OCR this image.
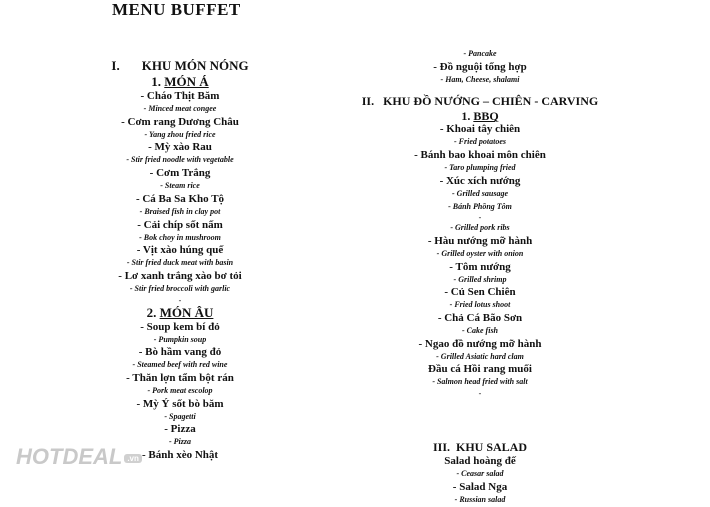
MENU BUFFET
I. KHU MÓN NÓNG
1. MÓN Á
- Cháo Thịt Băm
- Minced meat congee
- Cơm rang Dương Châu
- Yang zhou fried rice
- Mỳ xào Rau
- Stir fried noodle with vegetable
- Cơm Trắng
- Steam rice
- Cá Ba Sa Kho Tộ
- Braised fish in clay pot
- Cải chíp sốt nấm
- Bok choy in mushroom
- Vịt xào húng quế
- Stir fried duck meat with basin
- Lơ xanh trắng xào bơ tỏi
- Stir fried broccoli with garlic
-
2. MÓN ÂU
- Soup kem bí đỏ
- Pumpkin soup
- Bò hầm vang đỏ
- Steamed beef with red wine
- Thăn lợn tẩm bột rán
- Pork meat escolop
- Mỳ Ý sốt bò băm
- Spagetti
- Pizza
- Pizza
- Bánh xèo Nhật
- Pancake
- Đồ nguội tổng hợp
- Ham, Cheese, shalami
II. KHU ĐỒ NƯỚNG – CHIÊN - CARVING
1. BBQ
- Khoai tây chiên
- Fried potatoes
- Bánh bao khoai môn chiên
- Taro plumping fried
- Xúc xích nướng
- Grilled sausage
- Bánh Phồng Tôm
-
- Grilled pork ribs
- Hàu nướng mỡ hành
- Grilled oyster with onion
- Tôm nướng
- Grilled shrimp
- Củ Sen Chiên
- Fried lotus shoot
- Chả Cá Bão Sơn
- Cake fish
- Ngao đồ nướng mỡ hành
- Grilled Asiatic hard clam
Đầu cá Hồi rang muối
- Salmon head fried with salt
-
III. KHU SALAD
Salad hoàng đế
- Ceasar salad
- Salad Nga
- Russian salad
HOTDEAL .vn
